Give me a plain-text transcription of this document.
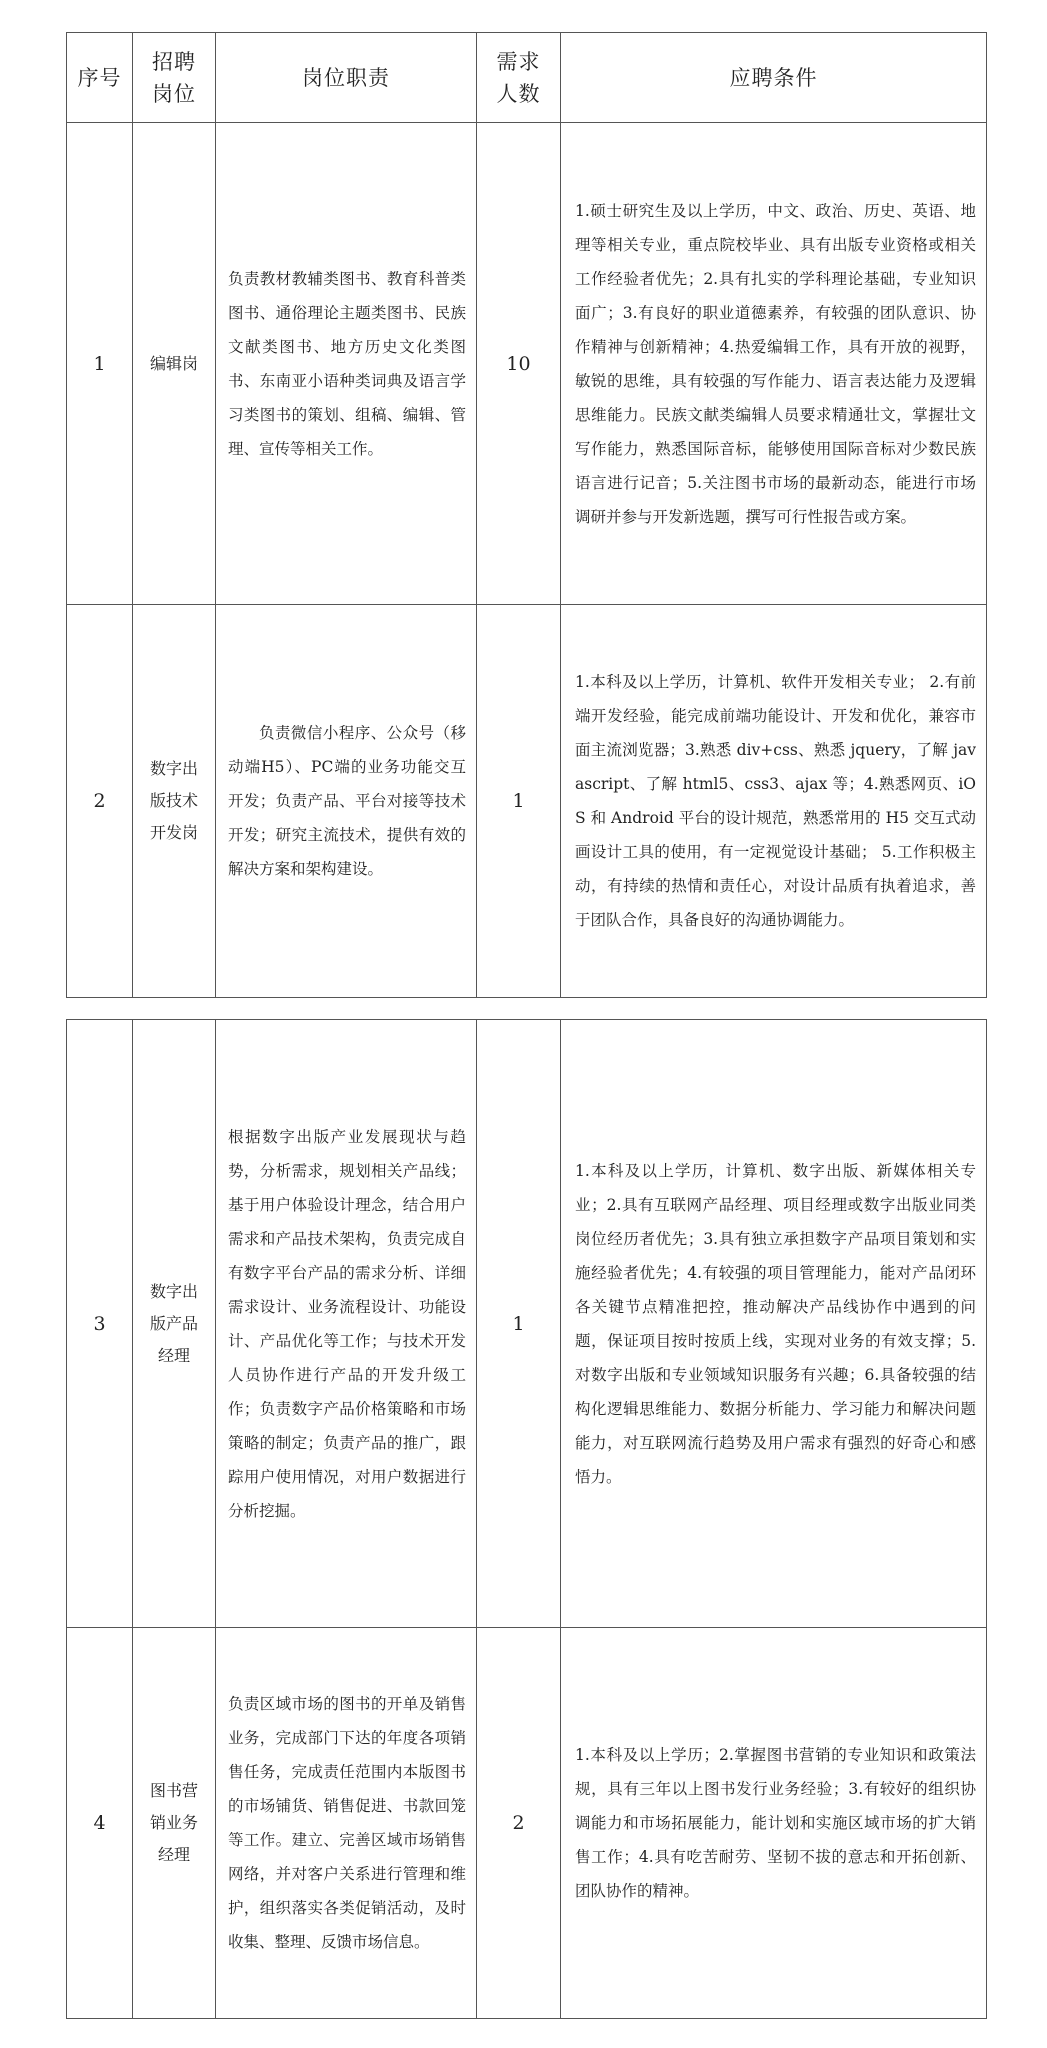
序号	招聘岗位	岗位职责	需求人数	应聘条件
1	编辑岗	负责教材教辅类图书、教育科普类图书、通俗理论主题类图书、民族文献类图书、地方历史文化类图书、东南亚小语种类词典及语言学习类图书的策划、组稿、编辑、管理、宣传等相关工作。	10	1.硕士研究生及以上学历，中文、政治、历史、英语、地理等相关专业，重点院校毕业、具有出版专业资格或相关工作经验者优先；2.具有扎实的学科理论基础，专业知识面广；3.有良好的职业道德素养，有较强的团队意识、协作精神与创新精神；4.热爱编辑工作，具有开放的视野，敏锐的思维，具有较强的写作能力、语言表达能力及逻辑思维能力。民族文献类编辑人员要求精通壮文，掌握壮文写作能力，熟悉国际音标，能够使用国际音标对少数民族语言进行记音；5.关注图书市场的最新动态，能进行市场调研并参与开发新选题，撰写可行性报告或方案。
2	数字出版技术开发岗	负责微信小程序、公众号（移动端H5）、PC端的业务功能交互开发；负责产品、平台对接等技术开发；研究主流技术，提供有效的解决方案和架构建设。	1	1.本科及以上学历，计算机、软件开发相关专业； 2.有前端开发经验，能完成前端功能设计、开发和优化，兼容市面主流浏览器；3.熟悉 div+css、熟悉 jquery，了解 javascript、了解 html5、css3、ajax 等；4.熟悉网页、iOS 和 Android 平台的设计规范，熟悉常用的 H5 交互式动画设计工具的使用，有一定视觉设计基础； 5.工作积极主动，有持续的热情和责任心，对设计品质有执着追求，善于团队合作，具备良好的沟通协调能力。
3	数字出版产品经理	根据数字出版产业发展现状与趋势，分析需求，规划相关产品线；基于用户体验设计理念，结合用户需求和产品技术架构，负责完成自有数字平台产品的需求分析、详细需求设计、业务流程设计、功能设计、产品优化等工作；与技术开发人员协作进行产品的开发升级工作；负责数字产品价格策略和市场策略的制定；负责产品的推广，跟踪用户使用情况，对用户数据进行分析挖掘。	1	1.本科及以上学历，计算机、数字出版、新媒体相关专业；2.具有互联网产品经理、项目经理或数字出版业同类岗位经历者优先；3.具有独立承担数字产品项目策划和实施经验者优先；4.有较强的项目管理能力，能对产品闭环各关键节点精准把控，推动解决产品线协作中遇到的问题，保证项目按时按质上线，实现对业务的有效支撑；5.对数字出版和专业领域知识服务有兴趣；6.具备较强的结构化逻辑思维能力、数据分析能力、学习能力和解决问题能力，对互联网流行趋势及用户需求有强烈的好奇心和感悟力。
4	图书营销业务经理	负责区域市场的图书的开单及销售业务，完成部门下达的年度各项销售任务，完成责任范围内本版图书的市场铺货、销售促进、书款回笼等工作。建立、完善区域市场销售网络，并对客户关系进行管理和维护，组织落实各类促销活动，及时收集、整理、反馈市场信息。	2	1.本科及以上学历；2.掌握图书营销的专业知识和政策法规，具有三年以上图书发行业务经验；3.有较好的组织协调能力和市场拓展能力，能计划和实施区域市场的扩大销售工作；4.具有吃苦耐劳、坚韧不拔的意志和开拓创新、团队协作的精神。
